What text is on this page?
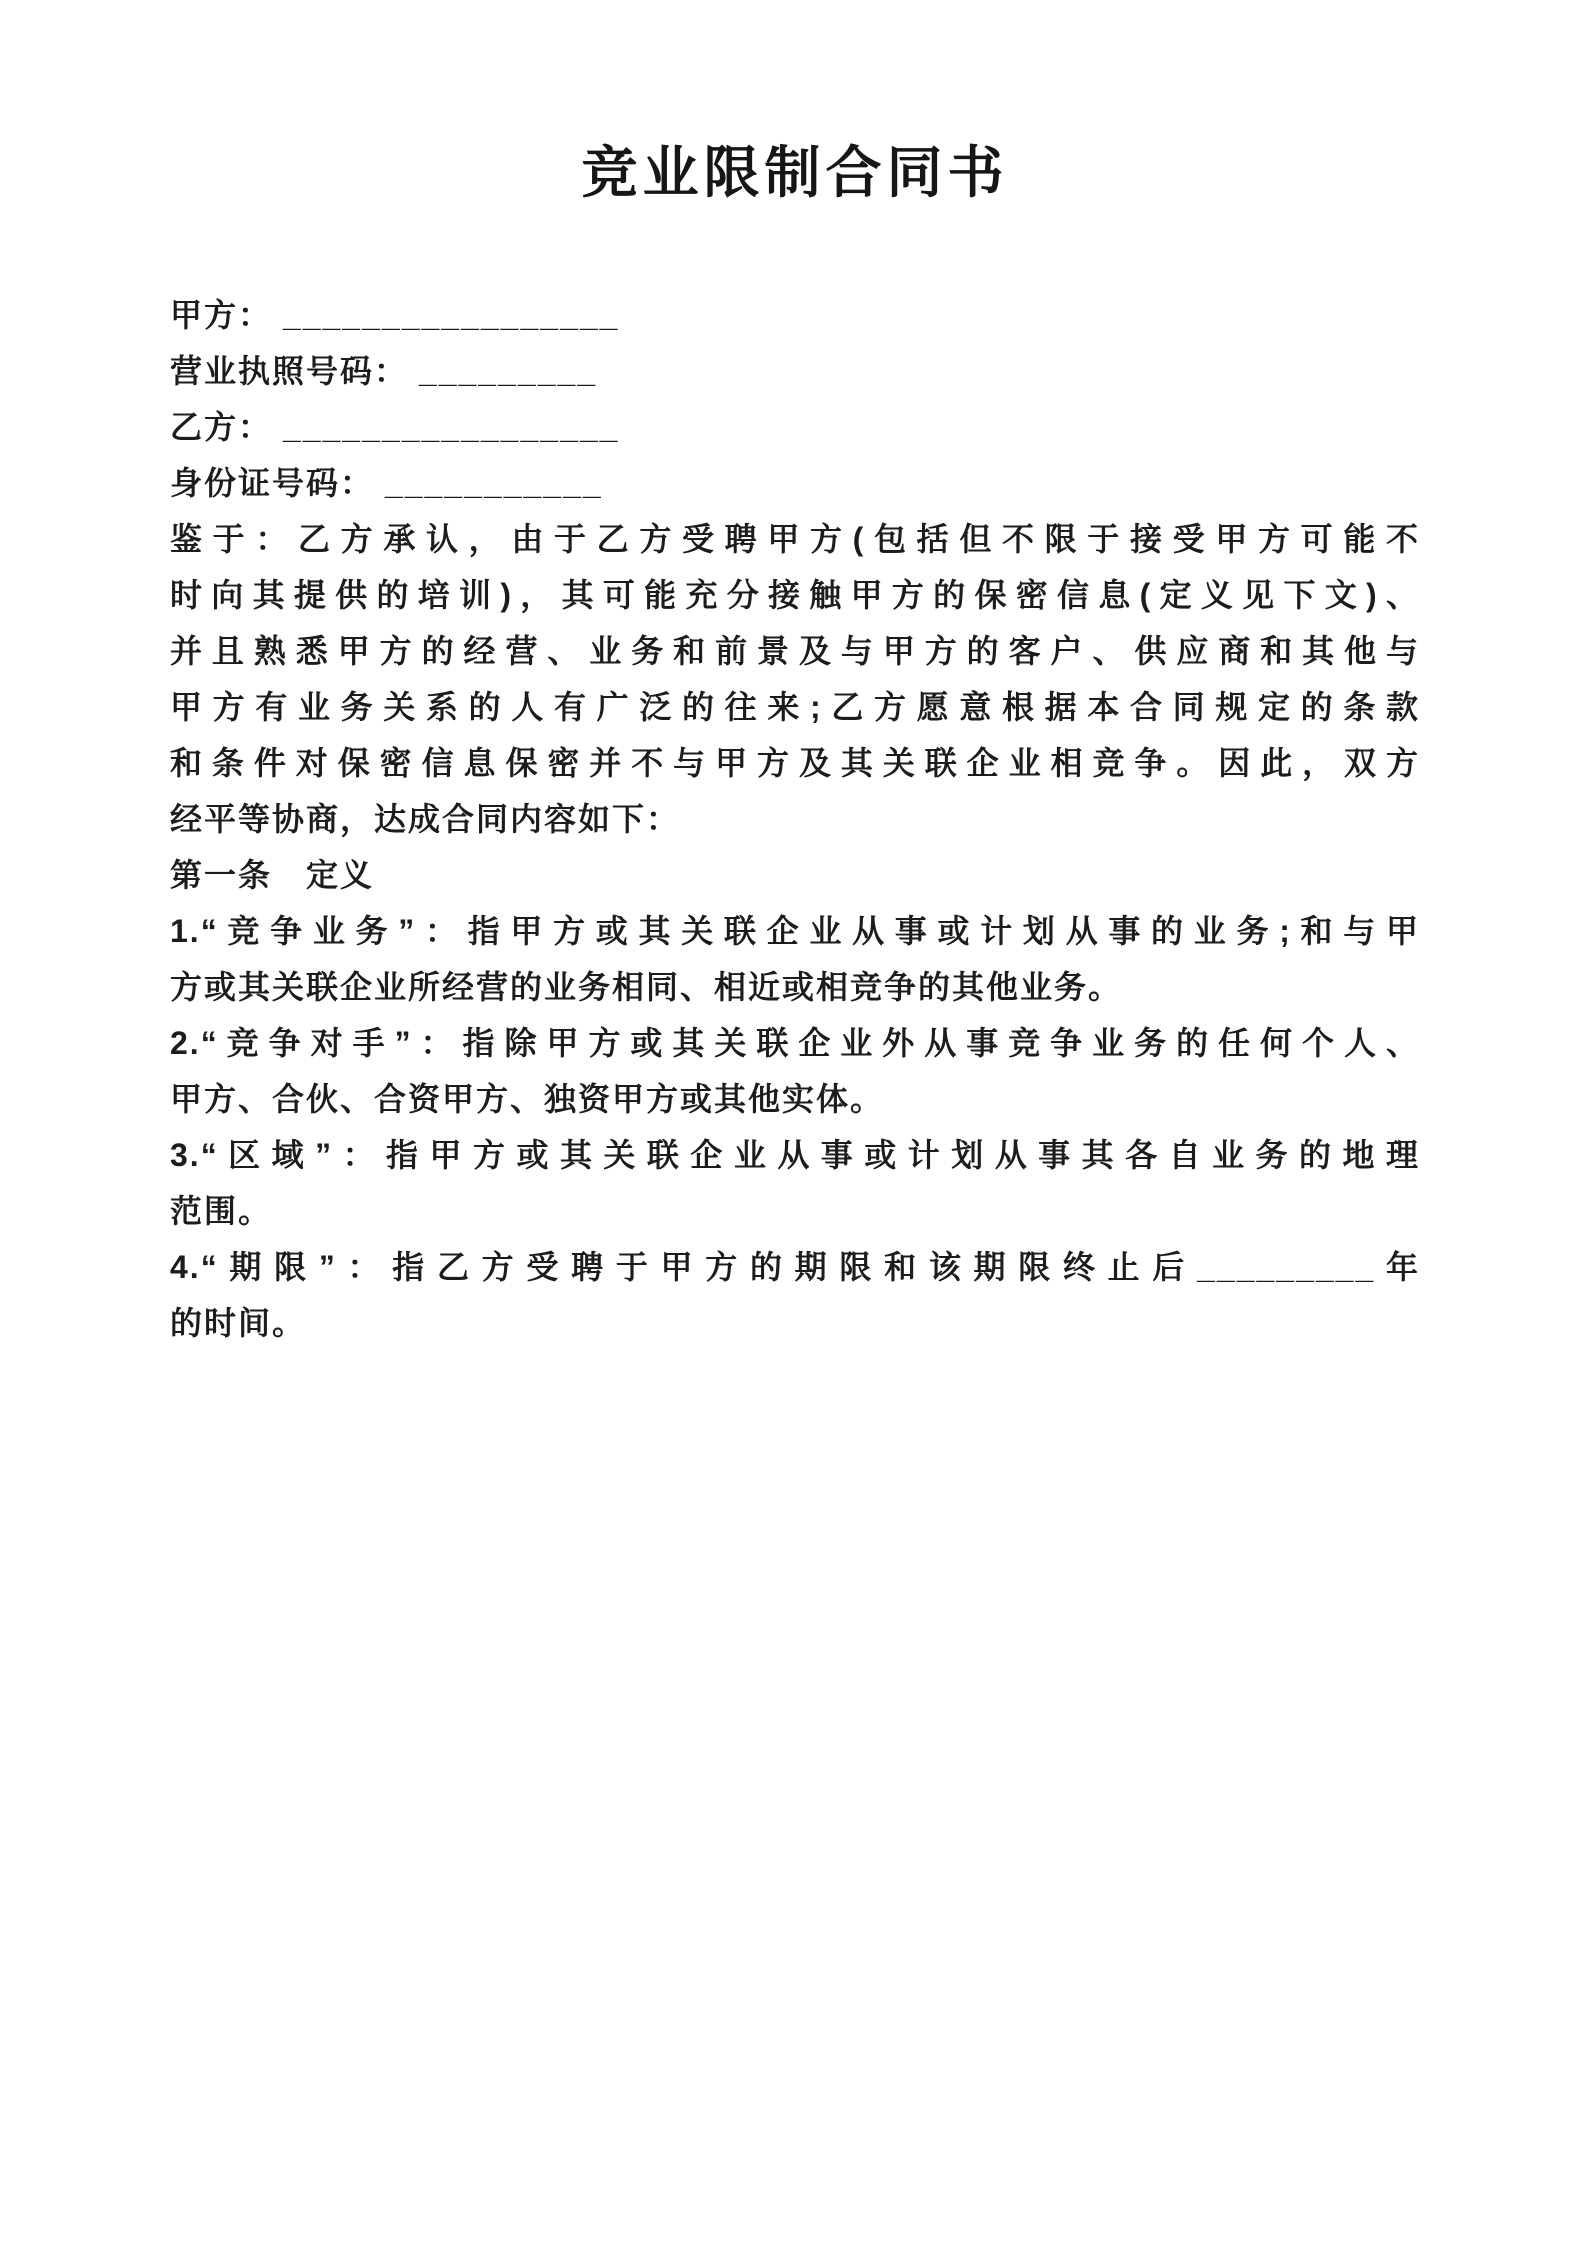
竞业限制合同书

甲方： _________________

营业执照号码： _________

乙方： _________________

身份证号码： ___________

鉴于：乙方承认，由于乙方受聘甲方(包括但不限于接受甲方可能不

时向其提供的培训)，其可能充分接触甲方的保密信息(定义见下文)、

并且熟悉甲方的经营、业务和前景及与甲方的客户、供应商和其他与

甲方有业务关系的人有广泛的往来;乙方愿意根据本合同规定的条款

和条件对保密信息保密并不与甲方及其关联企业相竞争。因此，双方

经平等协商，达成合同内容如下：

第一条　定义

1.“竞争业务”：指甲方或其关联企业从事或计划从事的业务;和与甲

方或其关联企业所经营的业务相同、相近或相竞争的其他业务。

2.“竞争对手”：指除甲方或其关联企业外从事竞争业务的任何个人、

甲方、合伙、合资甲方、独资甲方或其他实体。

3.“区域”：指甲方或其关联企业从事或计划从事其各自业务的地理

范围。

4.“期限”：指乙方受聘于甲方的期限和该期限终止后_________年

的时间。
